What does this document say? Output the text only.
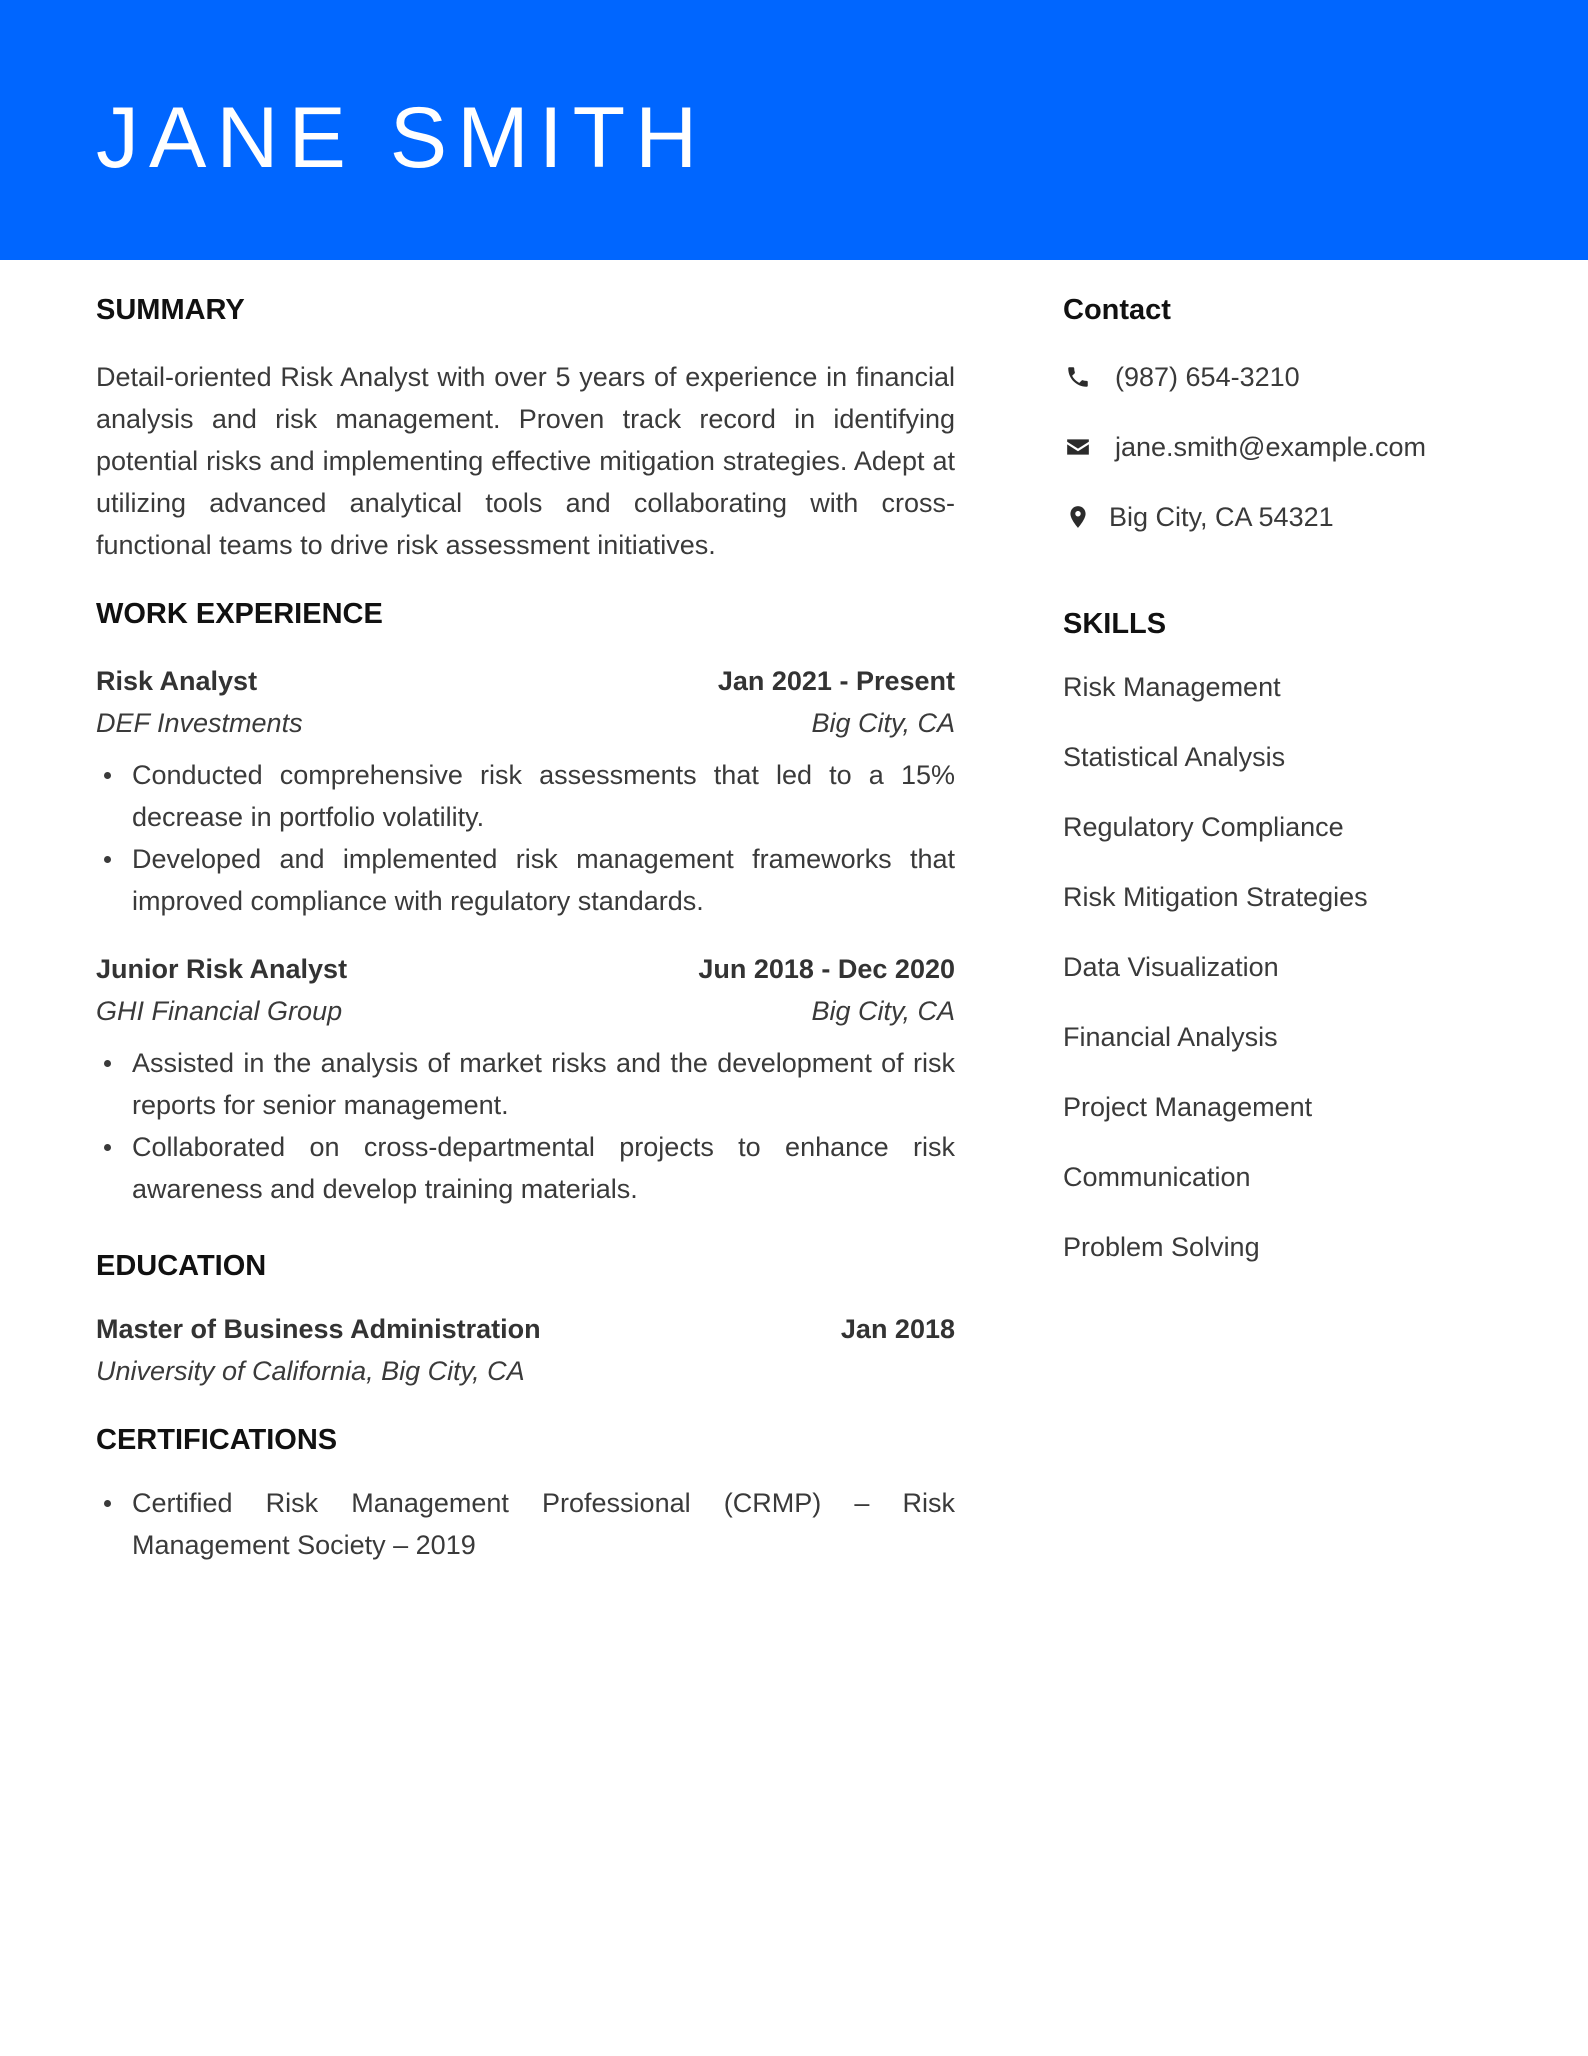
JANE SMITH
SUMMARY

Detail-oriented Risk Analyst with over 5 years of experience in financial analysis and risk management. Proven track record in identifying potential risks and implementing effective mitigation strategies. Adept at utilizing advanced analytical tools and collaborating with cross-functional teams to drive risk assessment initiatives.

WORK EXPERIENCE
Risk Analyst	Jan 2021 - Present
DEF Investments	Big City, CA
Conducted comprehensive risk assessments that led to a 15% decrease in portfolio volatility.
Developed and implemented risk management frameworks that improved compliance with regulatory standards.
Junior Risk Analyst	Jun 2018 - Dec 2020
GHI Financial Group	Big City, CA
Assisted in the analysis of market risks and the development of risk reports for senior management.
Collaborated on cross-departmental projects to enhance risk awareness and develop training materials.
EDUCATION
Master of Business Administration	Jan 2018
University of California, Big City, CA
CERTIFICATIONS
Certified Risk Management Professional (CRMP) – Risk Management Society – 2019
Contact
(987) 654-3210
jane.smith@example.com
Big City, CA 54321
SKILLS
Risk Management
Statistical Analysis
Regulatory Compliance
Risk Mitigation Strategies
Data Visualization
Financial Analysis
Project Management
Communication
Problem Solving
